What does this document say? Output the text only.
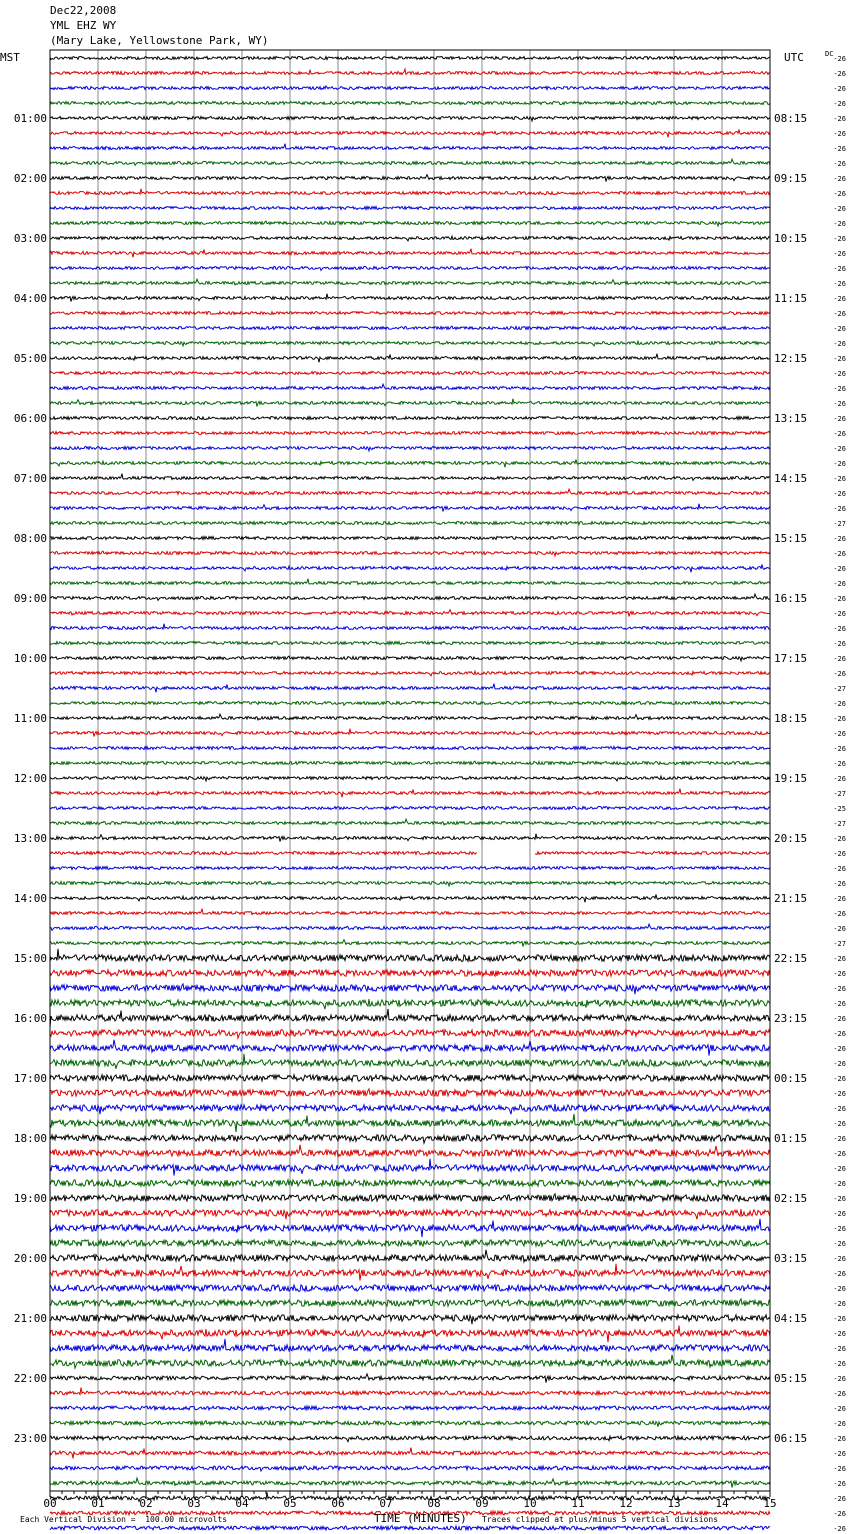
Dec22,2008
YML EHZ WY
(Mary Lake, Yellowstone Park, WY)
MST	UTC	DC
01:00
02:00
03:00
04:00
05:00
06:00
07:00
08:00
09:00
10:00
11:00
12:00
13:00
14:00
15:00
16:00
17:00
18:00
19:00
20:00
21:00
22:00
23:00
08:15
09:15
10:15
11:15
12:15
13:15
14:15
15:15
16:15
17:15
18:15
19:15
20:15
21:15
22:15
23:15
00:15
01:15
02:15
03:15
04:15
05:15
06:15
-26
-26
-26
-26
-26
-26
-26
-26
-26
-26
-26
-26
-26
-26
-26
-26
-26
-26
-26
-26
-26
-26
-26
-26
-26
-26
-26
-26
-26
-26
-26
-27
-26
-26
-26
-26
-26
-26
-26
-26
-26
-26
-27
-26
-26
-26
-26
-26
-26
-27
-25
-27
-26
-26
-26
-26
-26
-26
-26
-27
-26
-26
-26
-26
-26
-26
-26
-26
-26
-26
-26
-26
-26
-26
-26
-26
-26
-26
-26
-26
-26
-26
-26
-26
-26
-26
-26
-26
-26
-26
-26
-26
-26
-26
-26
-26
-26
-26
-26
00	01	02	03	04	05	06	07	08	09	10	11	12	13	14	15
Each Vertical Division =  100.00 microvolts	TIME (MINUTES) Traces clipped at plus/minus 5 vertical divisions
